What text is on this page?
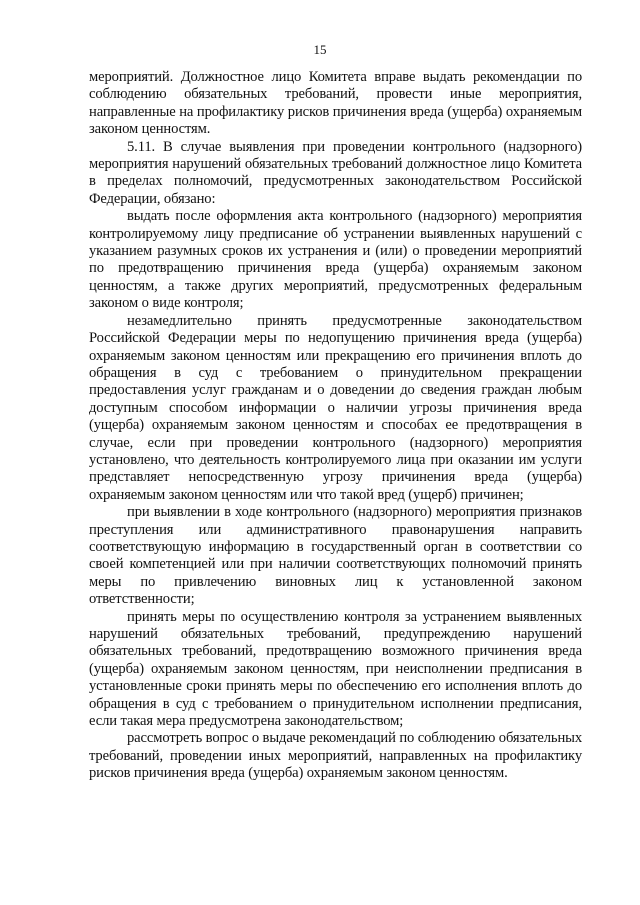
15

мероприятий. Должностное лицо Комитета вправе выдать рекомендации по соблюдению обязательных требований, провести иные мероприятия, направленные на профилактику рисков причинения вреда (ущерба) охраняемым законом ценностям.

5.11. В случае выявления при проведении контрольного (надзорного) мероприятия нарушений обязательных требований должностное лицо Комитета в пределах полномочий, предусмотренных законодательством Российской Федерации, обязано:

выдать после оформления акта контрольного (надзорного) мероприятия контролируемому лицу предписание об устранении выявленных нарушений с указанием разумных сроков их устранения и (или) о проведении мероприятий по предотвращению причинения вреда (ущерба) охраняемым законом ценностям, а также других мероприятий, предусмотренных федеральным законом о виде контроля;

незамедлительно принять предусмотренные законодательством Российской Федерации меры по недопущению причинения вреда (ущерба) охраняемым законом ценностям или прекращению его причинения вплоть до обращения в суд с требованием о принудительном прекращении предоставления услуг гражданам и о доведении до сведения граждан любым доступным способом информации о наличии угрозы причинения вреда (ущерба) охраняемым законом ценностям и способах ее предотвращения в случае, если при проведении контрольного (надзорного) мероприятия установлено, что деятельность контролируемого лица при оказании им услуги представляет непосредственную угрозу причинения вреда (ущерба) охраняемым законом ценностям или что такой вред (ущерб) причинен;

при выявлении в ходе контрольного (надзорного) мероприятия признаков преступления или административного правонарушения направить соответствующую информацию в государственный орган в соответствии со своей компетенцией или при наличии соответствующих полномочий принять меры по привлечению виновных лиц к установленной законом ответственности;

принять меры по осуществлению контроля за устранением выявленных нарушений обязательных требований, предупреждению нарушений обязательных требований, предотвращению возможного причинения вреда (ущерба) охраняемым законом ценностям, при неисполнении предписания в установленные сроки принять меры по обеспечению его исполнения вплоть до обращения в суд с требованием о принудительном исполнении предписания, если такая мера предусмотрена законодательством;

рассмотреть вопрос о выдаче рекомендаций по соблюдению обязательных требований, проведении иных мероприятий, направленных на профилактику рисков причинения вреда (ущерба) охраняемым законом ценностям.
